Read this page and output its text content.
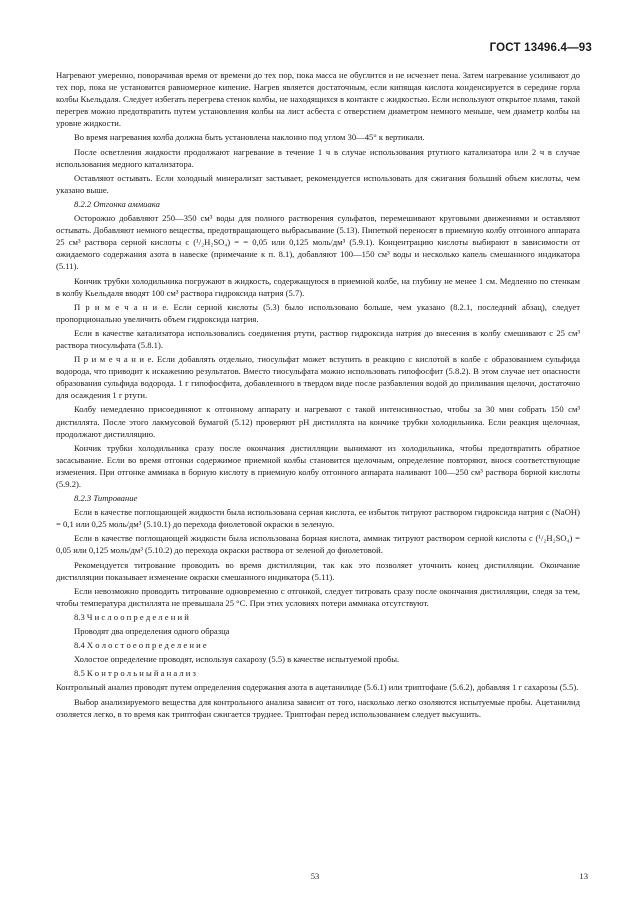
ГОСТ 13496.4—93

Нагревают умеренно, поворачивая время от времени до тех пор, пока масса не обуглится и не исчезнет пена. Затем нагревание усиливают до тех пор, пока не установится равномерное кипение. Нагрев является достаточным, если кипящая кислота конденсируется в середине горла колбы Кьельдаля. Следует избегать перегрева стенок колбы, не находящихся в контакте с жидкостью. Если используют открытое пламя, такой перегрев можно предотвратить путем установления колбы на лист асбеста с отверстием диаметром немного меньше, чем диаметр колбы на уровне жидкости.

Во время нагревания колба должна быть установлена наклонно под углом 30—45° к вертикали.

После осветления жидкости продолжают нагревание в течение 1 ч в случае использования ртутного катализатора или 2 ч в случае использования медного катализатора.

Оставляют остывать. Если холодный минерализат застывает, рекомендуется использовать для сжигания больший объем кислоты, чем указано выше.

8.2.2 Отгонка аммиака

Осторожно добавляют 250—350 см³ воды для полного растворения сульфатов, перемешивают круговыми движениями и оставляют остывать. Добавляют немного вещества, предотвращающего выбрасывание (5.13). Пипеткой переносят в приемную колбу отгонного аппарата 25 см³ раствора серной кислоты c (¹/₂H₂SO₄) = = 0,05 или 0,125 моль/дм³ (5.9.1). Концентрацию кислоты выбирают в зависимости от ожидаемого содержания азота в навеске (примечание к п. 8.1), добавляют 100—150 см³ воды и несколько капель смешанного индикатора (5.11).

Кончик трубки холодильника погружают в жидкость, содержащуюся в приемной колбе, на глубину не менее 1 см. Медленно по стенкам в колбу Кьельдаля вводят 100 см³ раствора гидроксида натрия (5.7).

П р и м е ч а н и е. Если серной кислоты (5.3) было использовано больше, чем указано (8.2.1, последний абзац), следует пропорционально увеличить объем гидроксида натрия.

Если в качестве катализатора использовались соединения ртути, раствор гидроксида натрия до внесения в колбу смешивают с 25 см³ раствора тиосульфата (5.8.1).

П р и м е ч а н и е. Если добавлять отдельно, тиосульфат может вступить в реакцию с кислотой в колбе с образованием сульфида водорода, что приводит к искажению результатов. Вместо тиосульфата можно использовать гипофосфит (5.8.2). В этом случае нет опасности образования сульфида водорода. 1 г гипофосфита, добавленного в твердом виде после разбавления водой до приливания щелочи, достаточно для осаждения 1 г ртути.

Колбу немедленно присоединяют к отгонному аппарату и нагревают с такой интенсивностью, чтобы за 30 мин собрать 150 см³ дистиллята. После этого лакмусовой бумагой (5.12) проверяют pH дистиллята на кончике трубки холодильника. Если реакция щелочная, продолжают дистилляцию.

Кончик трубки холодильника сразу после окончания дистилляции вынимают из холодильника, чтобы предотвратить обратное засасывание. Если во время отгонки содержимое приемной колбы становится щелочным, определение повторяют, внося соответствующие изменения. При отгонке аммиака в борную кислоту в приемную колбу отгонного аппарата наливают 100—250 см³ раствора борной кислоты (5.9.2).

8.2.3 Титрование

Если в качестве поглощающей жидкости была использована серная кислота, ее избыток титруют раствором гидроксида натрия c (NaOH) = 0,1 или 0,25 моль/дм³ (5.10.1) до перехода фиолетовой окраски в зеленую.

Если в качестве поглощающей жидкости была использована борная кислота, аммиак титруют раствором серной кислоты c (¹/₂H₂SO₄) = 0,05 или 0,125 моль/дм³ (5.10.2) до перехода окраски раствора от зеленой до фиолетовой.

Рекомендуется титрование проводить во время дистилляции, так как это позволяет уточнить конец дистилляции. Окончание дистилляции показывает изменение окраски смешанного индикатора (5.11).

Если невозможно проводить титрование одновременно с отгонкой, следует титровать сразу после окончания дистилляции, следя за тем, чтобы температура дистиллята не превышала 25 °С. При этих условиях потери аммиака отсутствуют.

8.3 Ч и с л о о п р е д е л е н и й

Проводят два определения одного образца

8.4 Х о л о с т о е о п р е д е л е н и е

Холостое определение проводят, используя сахарозу (5.5) в качестве испытуемой пробы.

8.5 К о н т р о л ь н ы й а н а л и з

Контрольный анализ проводят путем определения содержания азота в ацетанилиде (5.6.1) или триптофане (5.6.2), добавляя 1 г сахарозы (5.5).

Выбор анализируемого вещества для контрольного анализа зависит от того, насколько легко озоляются испытуемые пробы. Ацетанилид озоляется легко, в то время как триптофан сжигается труднее. Триптофан перед использованием следует высушить.

53	13
